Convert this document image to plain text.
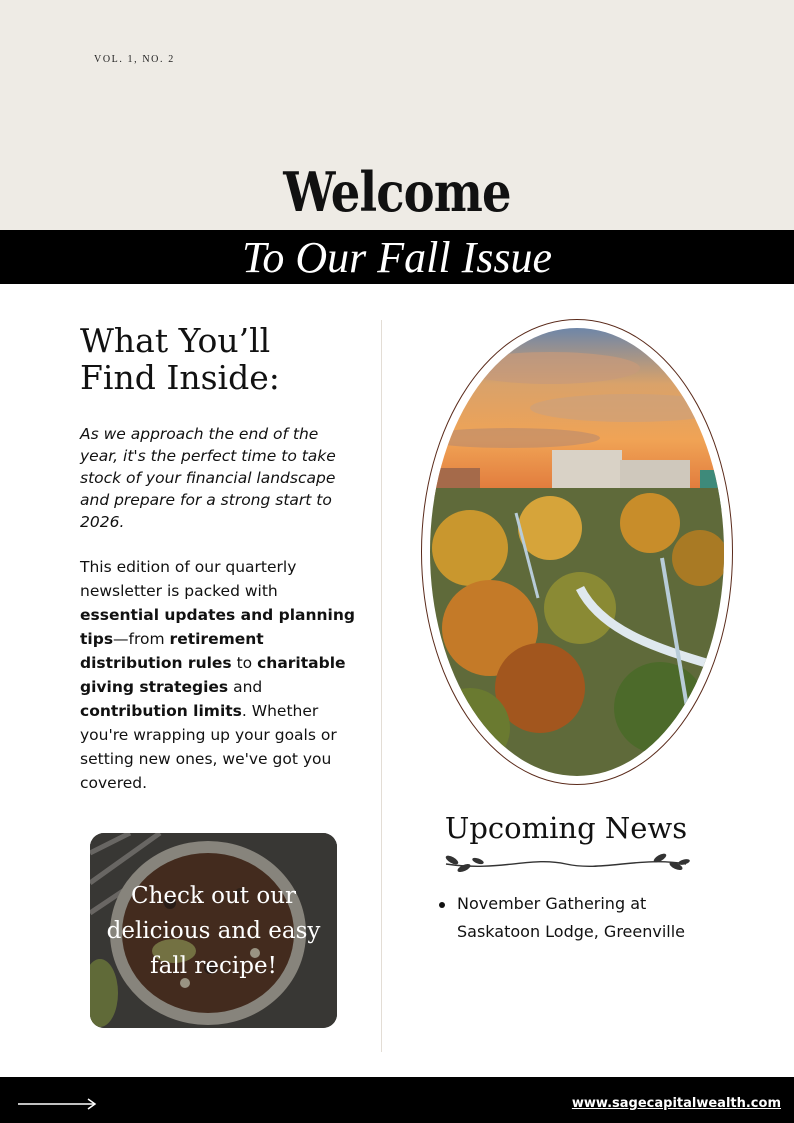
VOL. 1, NO. 2
Welcome
To Our Fall Issue
What You’ll
Find Inside:

As we approach the end of the year, it's the perfect time to take stock of your financial landscape and prepare for a strong start to 2026.

This edition of our quarterly newsletter is packed with essential updates and planning tips—from retirement distribution rules to charitable giving strategies and contribution limits. Whether you're wrapping up your goals or setting new ones, we've got you covered.

Check out our
delicious and easy
fall recipe!
Upcoming News
November Gathering at
Saskatoon Lodge, Greenville
www.sagecapitalwealth.com
